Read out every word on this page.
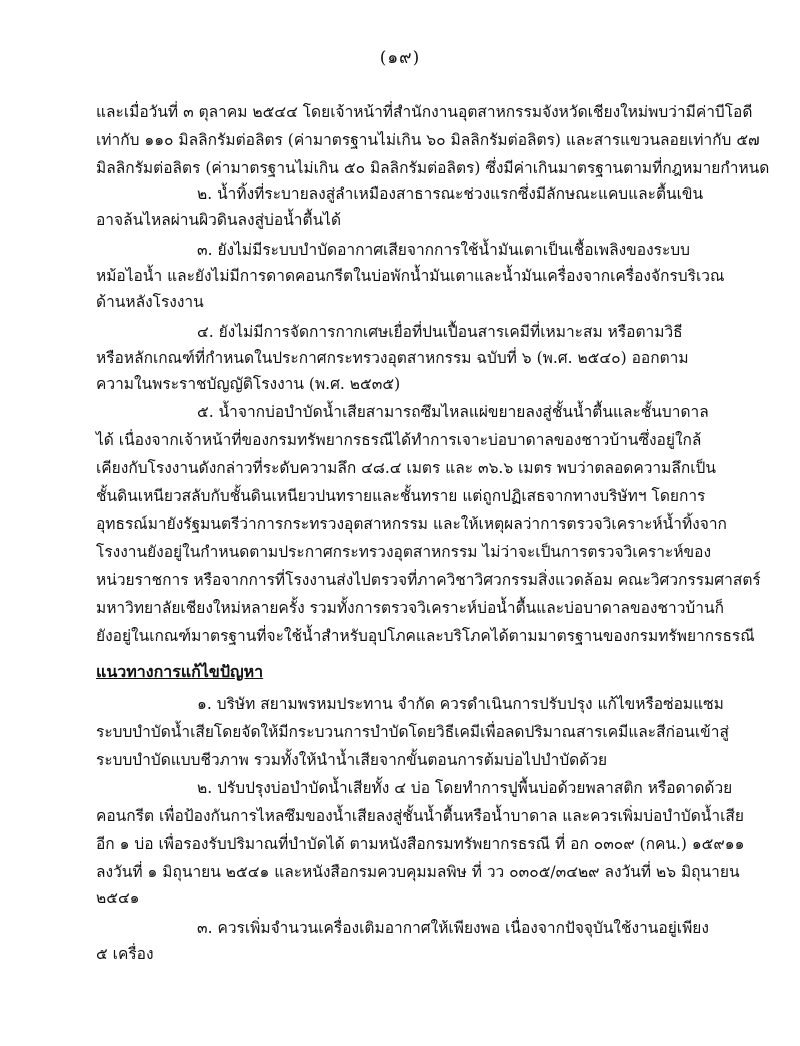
(๑๙)
และเมื่อวันที่ ๓ ตุลาคม ๒๕๔๔ โดยเจ้าหน้าที่สำนักงานอุตสาหกรรมจังหวัดเชียงใหม่พบว่ามีค่าบีโอดี
เท่ากับ ๑๑๐ มิลลิกรัมต่อลิตร (ค่ามาตรฐานไม่เกิน ๖๐ มิลลิกรัมต่อลิตร) และสารแขวนลอยเท่ากับ ๕๗
มิลลิกรัมต่อลิตร (ค่ามาตรฐานไม่เกิน ๕๐ มิลลิกรัมต่อลิตร) ซึ่งมีค่าเกินมาตรฐานตามที่กฎหมายกำหนด
๒. น้ำทิ้งที่ระบายลงสู่ลำเหมืองสาธารณะช่วงแรกซึ่งมีลักษณะแคบและตื้นเขิน
อาจล้นไหลผ่านผิวดินลงสู่บ่อน้ำตื้นได้
๓. ยังไม่มีระบบบำบัดอากาศเสียจากการใช้น้ำมันเตาเป็นเชื้อเพลิงของระบบ
หม้อไอน้ำ และยังไม่มีการดาดคอนกรีตในบ่อพักน้ำมันเตาและน้ำมันเครื่องจากเครื่องจักรบริเวณ
ด้านหลังโรงงาน
๔. ยังไม่มีการจัดการกากเศษเยื่อที่ปนเปื้อนสารเคมีที่เหมาะสม หรือตามวิธี
หรือหลักเกณฑ์ที่กำหนดในประกาศกระทรวงอุตสาหกรรม ฉบับที่ ๖ (พ.ศ. ๒๕๔๐) ออกตาม
ความในพระราชบัญญัติโรงงาน (พ.ศ. ๒๕๓๕)
๕. น้ำจากบ่อบำบัดน้ำเสียสามารถซึมไหลแผ่ขยายลงสู่ชั้นน้ำตื้นและชั้นบาดาล
ได้ เนื่องจากเจ้าหน้าที่ของกรมทรัพยากรธรณีได้ทำการเจาะบ่อบาดาลของชาวบ้านซึ่งอยู่ใกล้
เคียงกับโรงงานดังกล่าวที่ระดับความลึก ๔๘.๔ เมตร และ ๓๖.๖ เมตร พบว่าตลอดความลึกเป็น
ชั้นดินเหนียวสลับกับชั้นดินเหนียวปนทรายและชั้นทราย แต่ถูกปฏิเสธจากทางบริษัทฯ โดยการ
อุทธรณ์มายังรัฐมนตรีว่าการกระทรวงอุตสาหกรรม และให้เหตุผลว่าการตรวจวิเคราะห์น้ำทิ้งจาก
โรงงานยังอยู่ในกำหนดตามประกาศกระทรวงอุตสาหกรรม ไม่ว่าจะเป็นการตรวจวิเคราะห์ของ
หน่วยราชการ หรือจากการที่โรงงานส่งไปตรวจที่ภาควิชาวิศวกรรมสิ่งแวดล้อม คณะวิศวกรรมศาสตร์
มหาวิทยาลัยเชียงใหม่หลายครั้ง รวมทั้งการตรวจวิเคราะห์บ่อน้ำตื้นและบ่อบาดาลของชาวบ้านก็
ยังอยู่ในเกณฑ์มาตรฐานที่จะใช้น้ำสำหรับอุปโภคและบริโภคได้ตามมาตรฐานของกรมทรัพยากรธรณี
แนวทางการแก้ไขปัญหา
๑. บริษัท สยามพรหมประทาน จำกัด ควรดำเนินการปรับปรุง แก้ไขหรือซ่อมแซม
ระบบบำบัดน้ำเสียโดยจัดให้มีกระบวนการบำบัดโดยวิธีเคมีเพื่อลดปริมาณสารเคมีและสีก่อนเข้าสู่
ระบบบำบัดแบบชีวภาพ รวมทั้งให้นำน้ำเสียจากขั้นตอนการต้มบ่อไปบำบัดด้วย
๒. ปรับปรุงบ่อบำบัดน้ำเสียทั้ง ๔ บ่อ โดยทำการปูพื้นบ่อด้วยพลาสติก หรือดาดด้วย
คอนกรีต เพื่อป้องกันการไหลซึมของน้ำเสียลงสู่ชั้นน้ำตื้นหรือน้ำบาดาล และควรเพิ่มบ่อบำบัดน้ำเสีย
อีก ๑ บ่อ เพื่อรองรับปริมาณที่บำบัดได้ ตามหนังสือกรมทรัพยากรธรณี ที่ อก ๐๓๐๙ (กคน.) ๑๕๙๑๑
ลงวันที่ ๑ มิถุนายน ๒๕๔๑ และหนังสือกรมควบคุมมลพิษ ที่ วว ๐๓๐๕/๓๔๒๙ ลงวันที่ ๒๖ มิถุนายน
๒๕๔๑
๓. ควรเพิ่มจำนวนเครื่องเติมอากาศให้เพียงพอ เนื่องจากปัจจุบันใช้งานอยู่เพียง
๕ เครื่อง
